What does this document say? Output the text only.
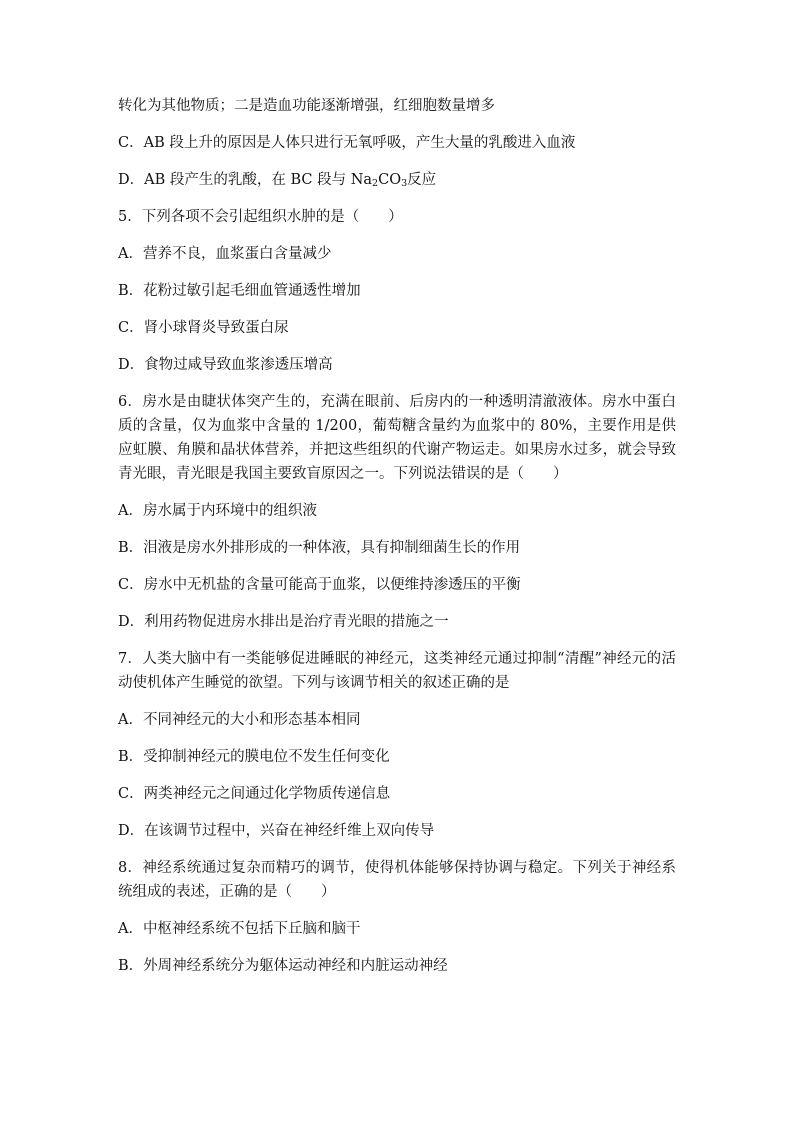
转化为其他物质；二是造血功能逐渐增强，红细胞数量增多
C．AB 段上升的原因是人体只进行无氧呼吸，产生大量的乳酸进入血液
D．AB 段产生的乳酸，在 BC 段与 $Na_2CO_3$反应
5．下列各项不会引起组织水肿的是（　　）
A．营养不良，血浆蛋白含量减少
B．花粉过敏引起毛细血管通透性增加
C．肾小球肾炎导致蛋白尿
D．食物过咸导致血浆渗透压增高
6．房水是由睫状体突产生的，充满在眼前、后房内的一种透明清澈液体。房水中蛋白质的含量，仅为血浆中含量的 1/200，葡萄糖含量约为血浆中的 80%，主要作用是供应虹膜、角膜和晶状体营养，并把这些组织的代谢产物运走。如果房水过多，就会导致青光眼，青光眼是我国主要致盲原因之一。下列说法错误的是（　　）
A．房水属于内环境中的组织液
B．泪液是房水外排形成的一种体液，具有抑制细菌生长的作用
C．房水中无机盐的含量可能高于血浆，以便维持渗透压的平衡
D．利用药物促进房水排出是治疗青光眼的措施之一
7．人类大脑中有一类能够促进睡眠的神经元，这类神经元通过抑制“清醒”神经元的活动使机体产生睡觉的欲望。下列与该调节相关的叙述正确的是
A．不同神经元的大小和形态基本相同
B．受抑制神经元的膜电位不发生任何变化
C．两类神经元之间通过化学物质传递信息
D．在该调节过程中，兴奋在神经纤维上双向传导
8．神经系统通过复杂而精巧的调节，使得机体能够保持协调与稳定。下列关于神经系统组成的表述，正确的是（　　）
A．中枢神经系统不包括下丘脑和脑干
B．外周神经系统分为躯体运动神经和内脏运动神经
